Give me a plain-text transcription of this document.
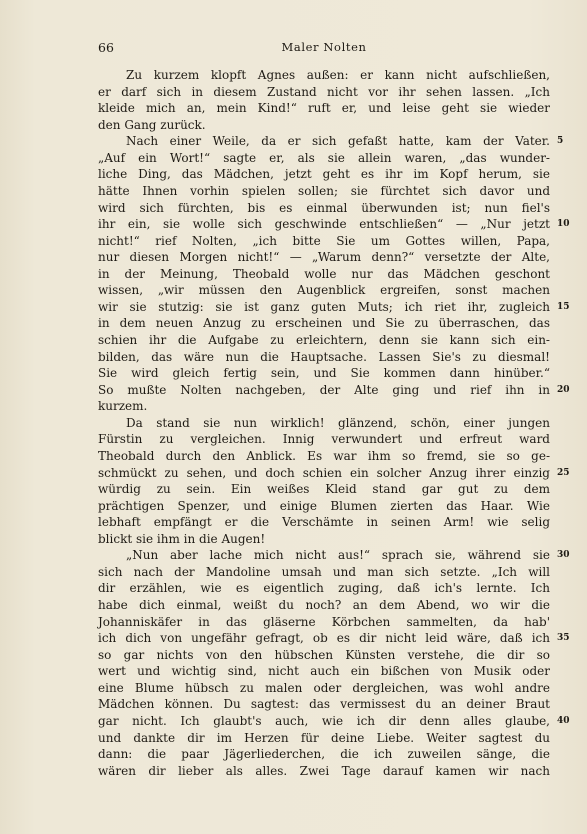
66	Maler Nolten
Zu kurzem klopft Agnes außen: er kann nicht aufschließen,
er darf sich in diesem Zustand nicht vor ihr sehen lassen. „Ich
kleide mich an, mein Kind!“ ruft er, und leise geht sie wieder
den Gang zurück.
Nach einer Weile, da er sich gefaßt hatte, kam der Vater. 5
„Auf ein Wort!“ sagte er, als sie allein waren, „das wunder-
liche Ding, das Mädchen, jetzt geht es ihr im Kopf herum, sie
hätte Ihnen vorhin spielen sollen; sie fürchtet sich davor und
wird sich fürchten, bis es einmal überwunden ist; nun fiel's
ihr ein, sie wolle sich geschwinde entschließen“ — „Nur jetzt 10
nicht!“ rief Nolten, „ich bitte Sie um Gottes willen, Papa,
nur diesen Morgen nicht!“ — „Warum denn?“ versetzte der Alte,
in der Meinung, Theobald wolle nur das Mädchen geschont
wissen, „wir müssen den Augenblick ergreifen, sonst machen
wir sie stutzig: sie ist ganz guten Muts; ich riet ihr, zugleich 15
in dem neuen Anzug zu erscheinen und Sie zu überraschen, das
schien ihr die Aufgabe zu erleichtern, denn sie kann sich ein-
bilden, das wäre nun die Hauptsache. Lassen Sie's zu diesmal!
Sie wird gleich fertig sein, und Sie kommen dann hinüber.“
So mußte Nolten nachgeben, der Alte ging und rief ihn in 20
kurzem.
Da stand sie nun wirklich! glänzend, schön, einer jungen
Fürstin zu vergleichen. Innig verwundert und erfreut ward
Theobald durch den Anblick. Es war ihm so fremd, sie so ge-
schmückt zu sehen, und doch schien ein solcher Anzug ihrer einzig 25
würdig zu sein. Ein weißes Kleid stand gar gut zu dem
prächtigen Spenzer, und einige Blumen zierten das Haar. Wie
lebhaft empfängt er die Verschämte in seinen Arm! wie selig
blickt sie ihm in die Augen!
„Nun aber lache mich nicht aus!“ sprach sie, während sie 30
sich nach der Mandoline umsah und man sich setzte. „Ich will
dir erzählen, wie es eigentlich zuging, daß ich's lernte. Ich
habe dich einmal, weißt du noch? an dem Abend, wo wir die
Johanniskäfer in das gläserne Körbchen sammelten, da hab'
ich dich von ungefähr gefragt, ob es dir nicht leid wäre, daß ich 35
so gar nichts von den hübschen Künsten verstehe, die dir so
wert und wichtig sind, nicht auch ein bißchen von Musik oder
eine Blume hübsch zu malen oder dergleichen, was wohl andre
Mädchen können. Du sagtest: das vermissest du an deiner Braut
gar nicht. Ich glaubt's auch, wie ich dir denn alles glaube, 40
und dankte dir im Herzen für deine Liebe. Weiter sagtest du
dann: die paar Jägerliederchen, die ich zuweilen sänge, die
wären dir lieber als alles. Zwei Tage darauf kamen wir nach
